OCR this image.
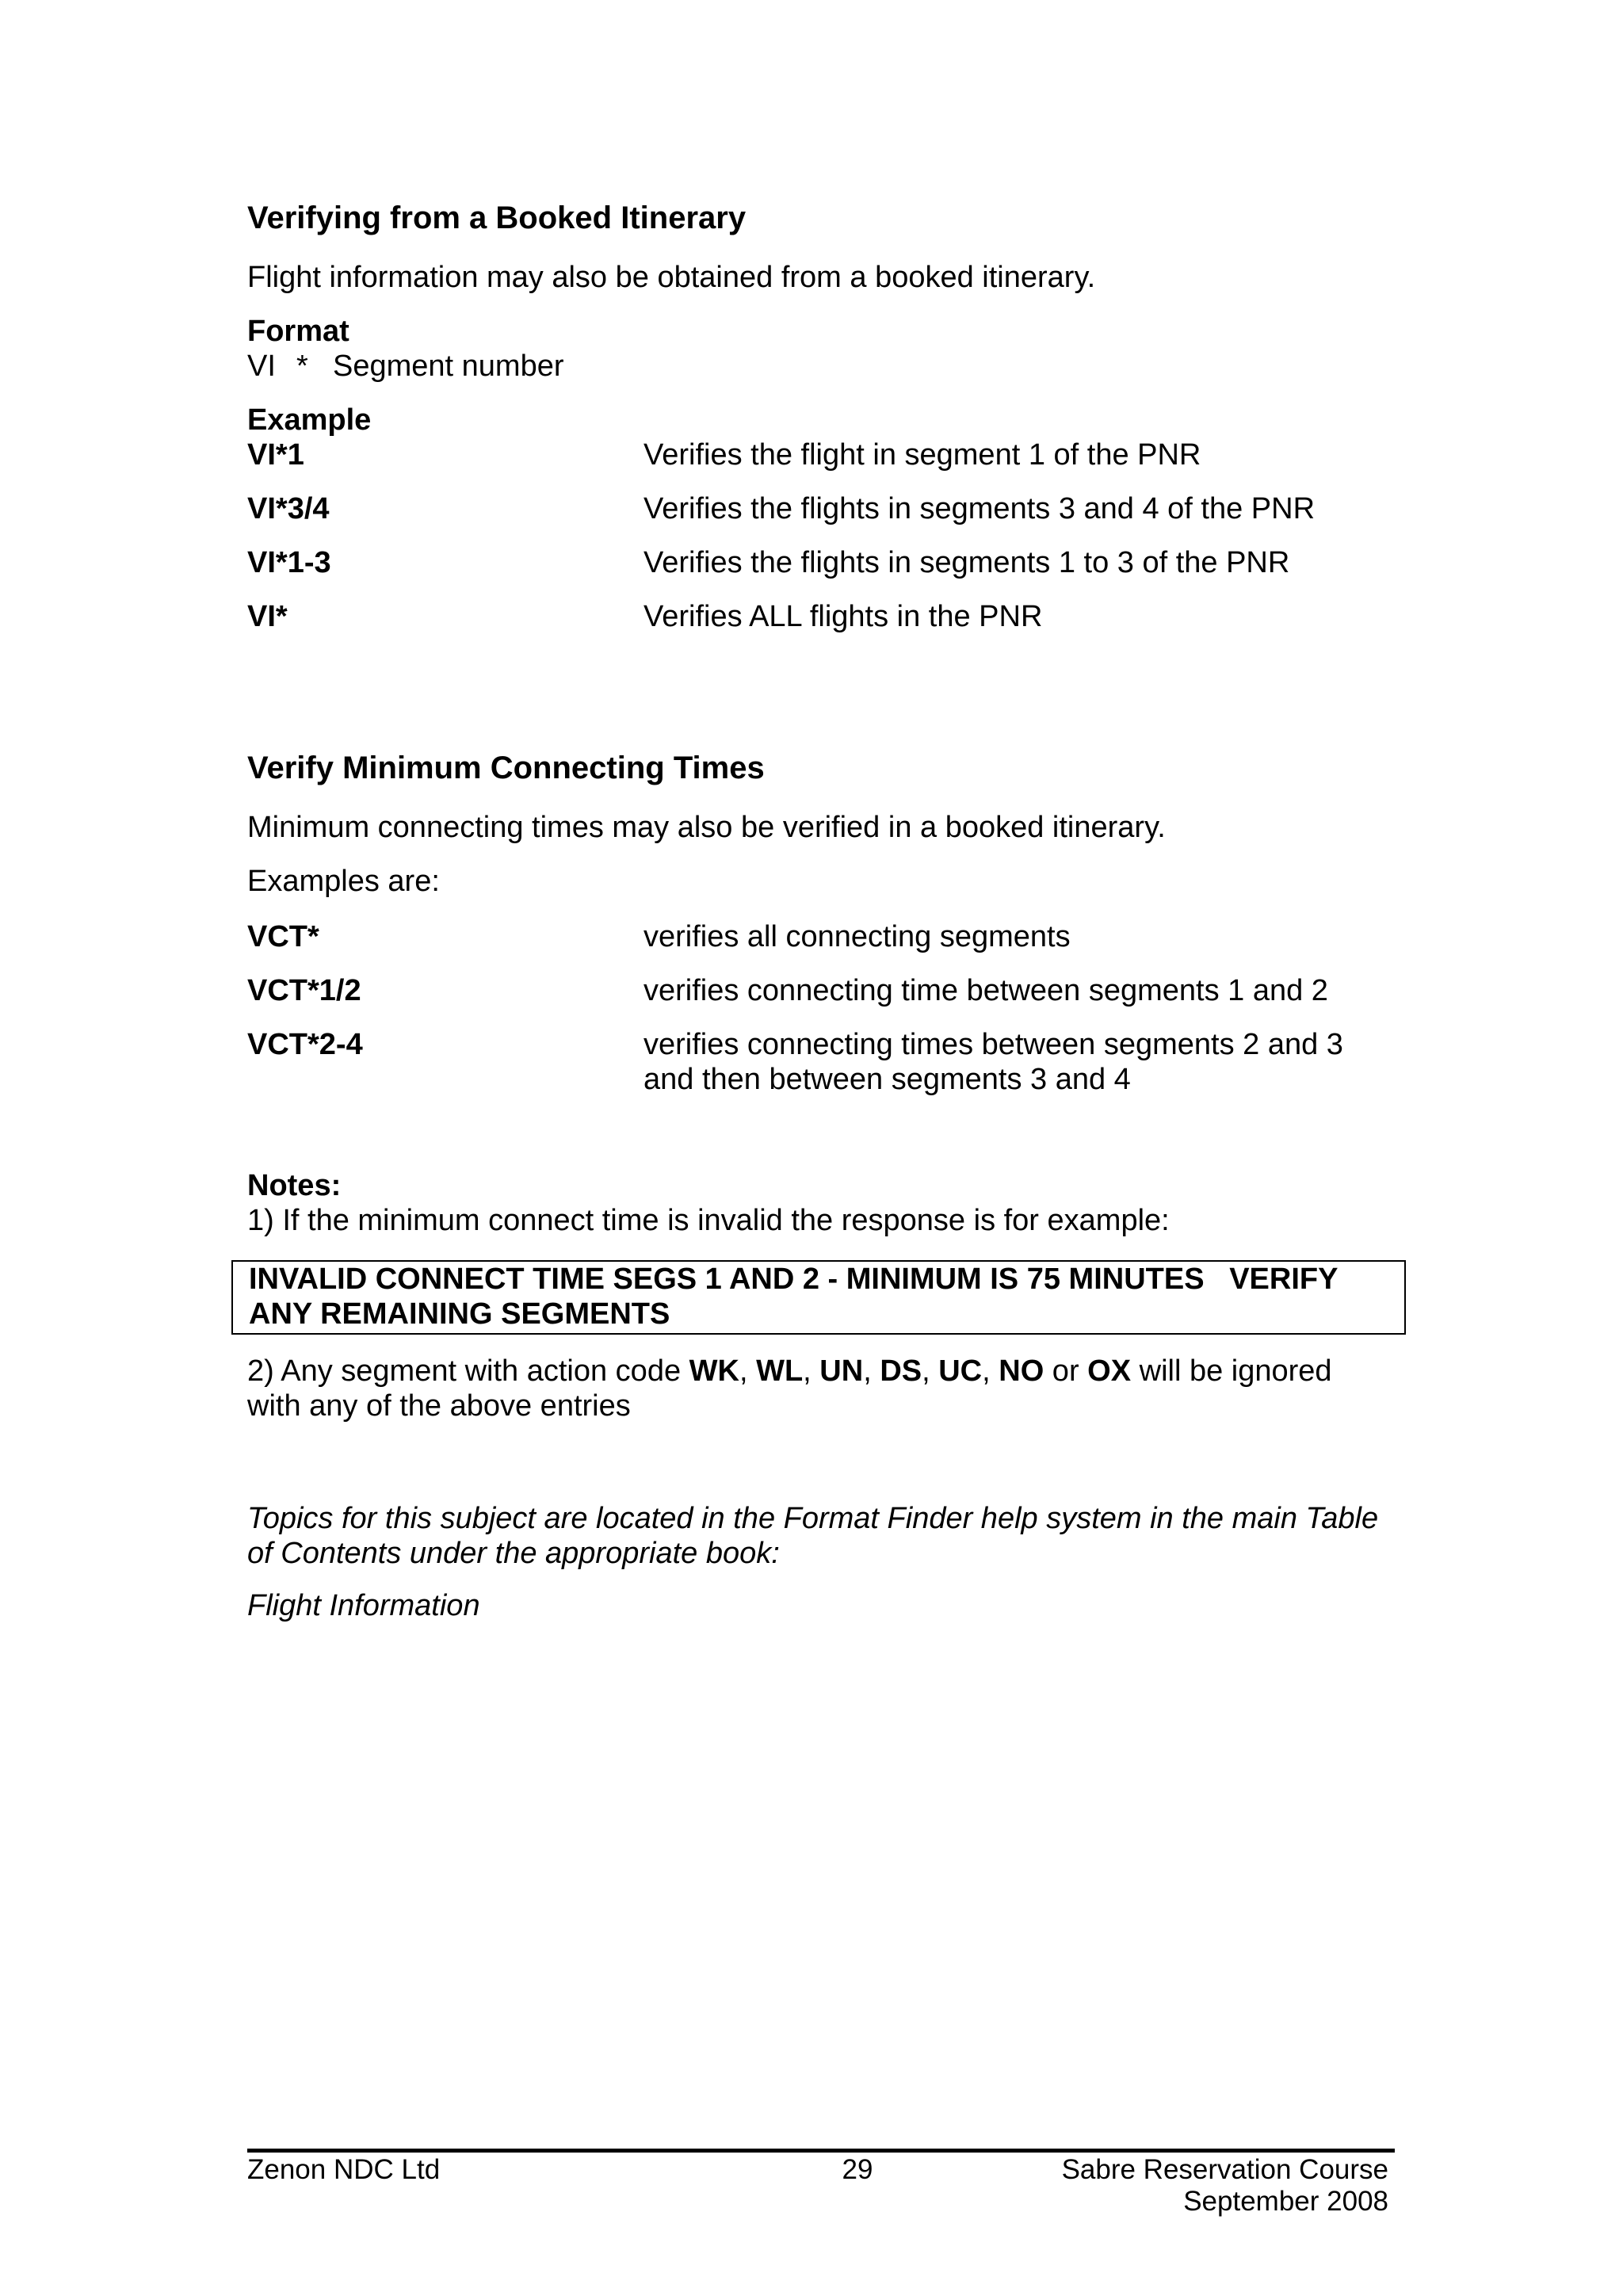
Verifying from a Booked Itinerary
Flight information may also be obtained from a booked itinerary.
Format
VI * Segment number
Example
VI*1	Verifies the flight in segment 1 of the PNR
VI*3/4	Verifies the flights in segments 3 and 4 of the PNR
VI*1-3	Verifies the flights in segments 1 to 3 of the PNR
VI*	Verifies ALL flights in the PNR
Verify Minimum Connecting Times
Minimum connecting times may also be verified in a booked itinerary.
Examples are:
VCT*	verifies all connecting segments
VCT*1/2	verifies connecting time between segments 1 and 2
VCT*2-4	verifies connecting times between segments 2 and 3
and then between segments 3 and 4
Notes:
1) If the minimum connect time is invalid the response is for example:
INVALID CONNECT TIME SEGS 1 AND 2 - MINIMUM IS 75 MINUTES   VERIFY
ANY REMAINING SEGMENTS
2) Any segment with action code WK, WL, UN, DS, UC, NO or OX will be ignored
with any of the above entries
Topics for this subject are located in the Format Finder help system in the main Table
of Contents under the appropriate book:
Flight Information
Zenon NDC Ltd	29	Sabre Reservation Course
September 2008
